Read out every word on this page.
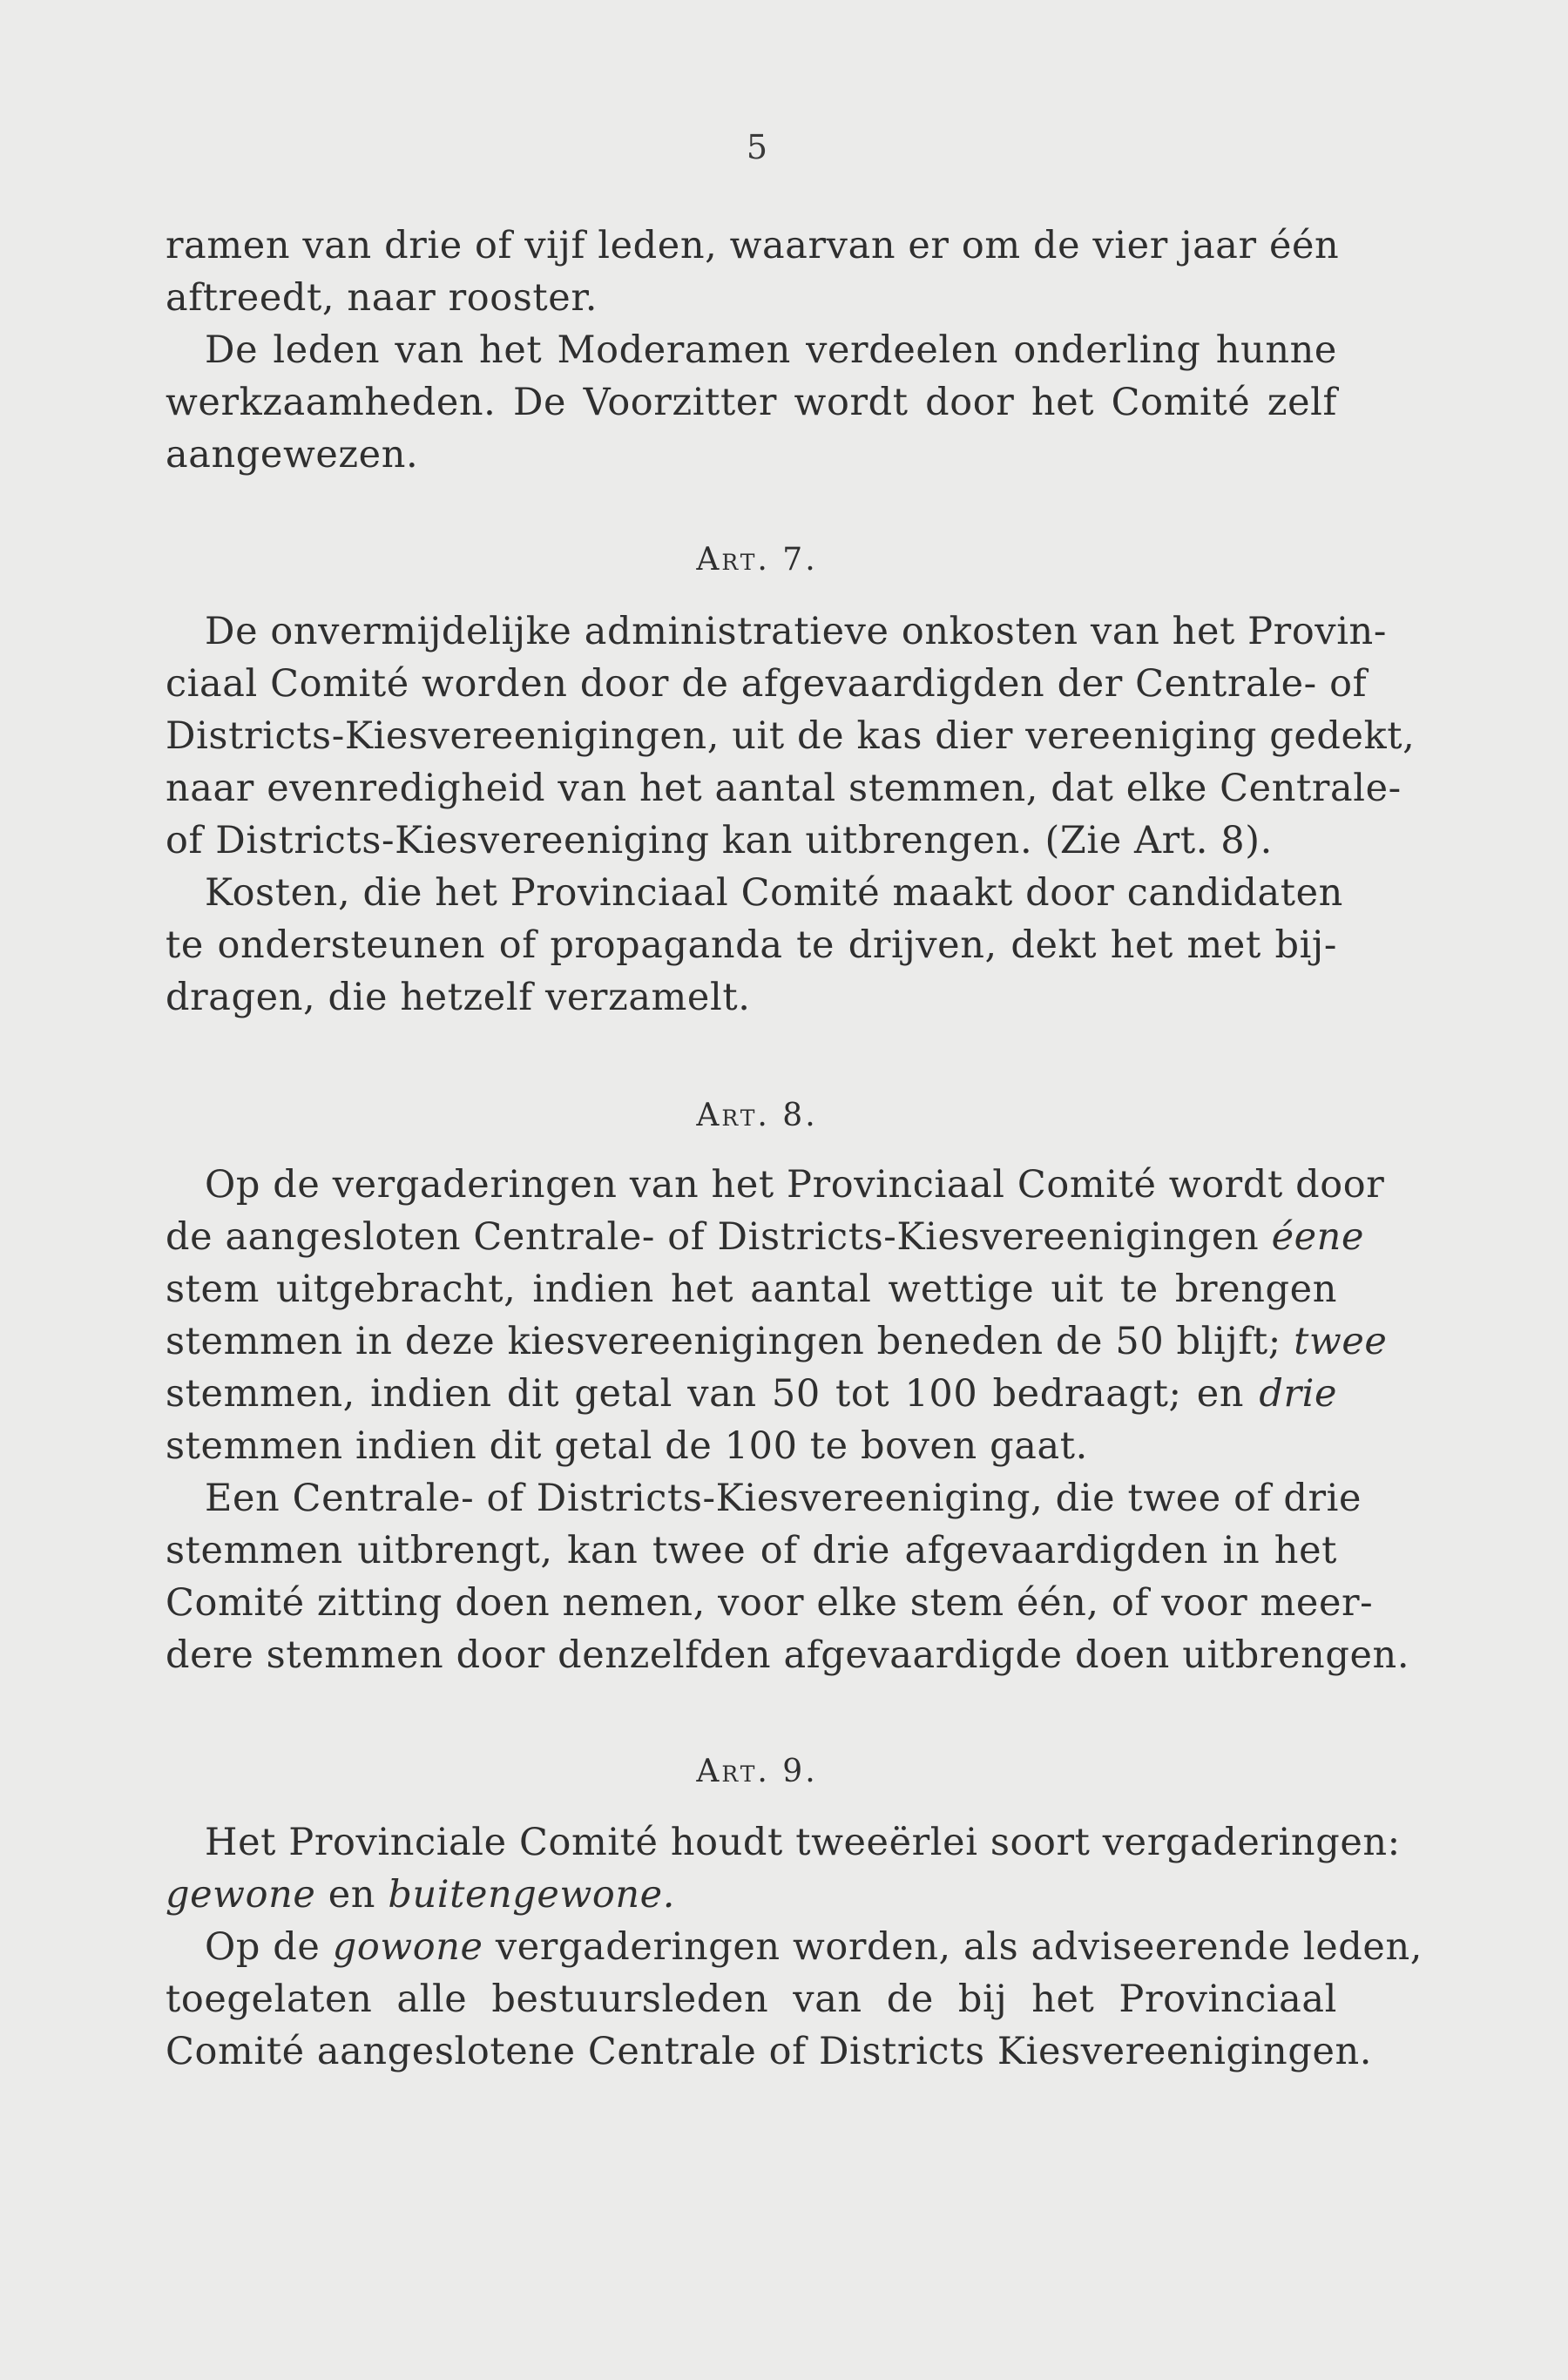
5
ramen van drie of vijf leden, waarvan er om de vier jaar één
aftreedt, naar rooster.
De leden van het Moderamen verdeelen onderling hunne
werkzaamheden. De Voorzitter wordt door het Comité zelf
aangewezen.
Art. 7.
De onvermijdelijke administratieve onkosten van het Provin-
ciaal Comité worden door de afgevaardigden der Centrale- of
Districts-Kiesvereenigingen, uit de kas dier vereeniging gedekt,
naar evenredigheid van het aantal stemmen, dat elke Centrale-
of Districts-Kiesvereeniging kan uitbrengen. (Zie Art. 8).
Kosten, die het Provinciaal Comité maakt door candidaten
te ondersteunen of propaganda te drijven, dekt het met bij-
dragen, die hetzelf verzamelt.
Art. 8.
Op de vergaderingen van het Provinciaal Comité wordt door
de aangesloten Centrale- of Districts-Kiesvereenigingen éene
stem uitgebracht, indien het aantal wettige uit te brengen
stemmen in deze kiesvereenigingen beneden de 50 blijft; twee
stemmen, indien dit getal van 50 tot 100 bedraagt; en drie
stemmen indien dit getal de 100 te boven gaat.
Een Centrale- of Districts-Kiesvereeniging, die twee of drie
stemmen uitbrengt, kan twee of drie afgevaardigden in het
Comité zitting doen nemen, voor elke stem één, of voor meer-
dere stemmen door denzelfden afgevaardigde doen uitbrengen.
Art. 9.
Het Provinciale Comité houdt tweeërlei soort vergaderingen:
gewone en buitengewone.
Op de gowone vergaderingen worden, als adviseerende leden,
toegelaten alle bestuursleden van de bij het Provinciaal
Comité aangeslotene Centrale of Districts Kiesvereenigingen.
